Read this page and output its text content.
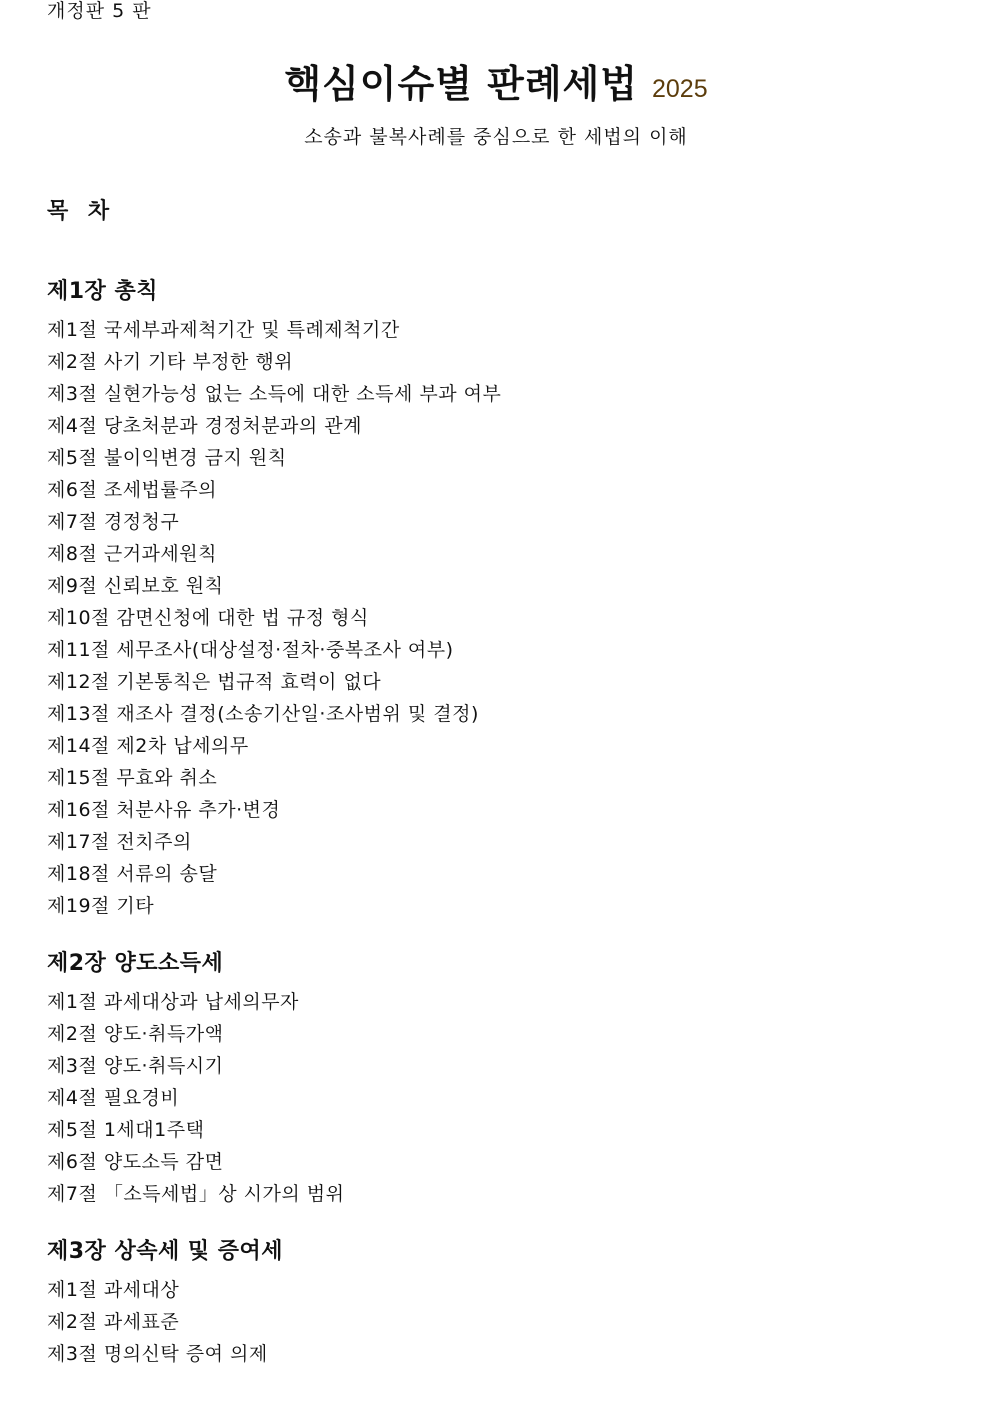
개정판 5 판
핵심이슈별 판례세법 2025
소송과 불복사례를 중심으로 한 세법의 이해
목 차
제1장 총칙
제1절 국세부과제척기간 및 특례제척기간
제2절 사기 기타 부정한 행위
제3절 실현가능성 없는 소득에 대한 소득세 부과 여부
제4절 당초처분과 경정처분과의 관계
제5절 불이익변경 금지 원칙
제6절 조세법률주의
제7절 경정청구
제8절 근거과세원칙
제9절 신뢰보호 원칙
제10절 감면신청에 대한 법 규정 형식
제11절 세무조사(대상설정·절차·중복조사 여부)
제12절 기본통칙은 법규적 효력이 없다
제13절 재조사 결정(소송기산일·조사범위 및 결정)
제14절 제2차 납세의무
제15절 무효와 취소
제16절 처분사유 추가·변경
제17절 전치주의
제18절 서류의 송달
제19절 기타
제2장 양도소득세
제1절 과세대상과 납세의무자
제2절 양도·취득가액
제3절 양도·취득시기
제4절 필요경비
제5절 1세대1주택
제6절 양도소득 감면
제7절 「소득세법」상 시가의 범위
제3장 상속세 및 증여세
제1절 과세대상
제2절 과세표준
제3절 명의신탁 증여 의제
